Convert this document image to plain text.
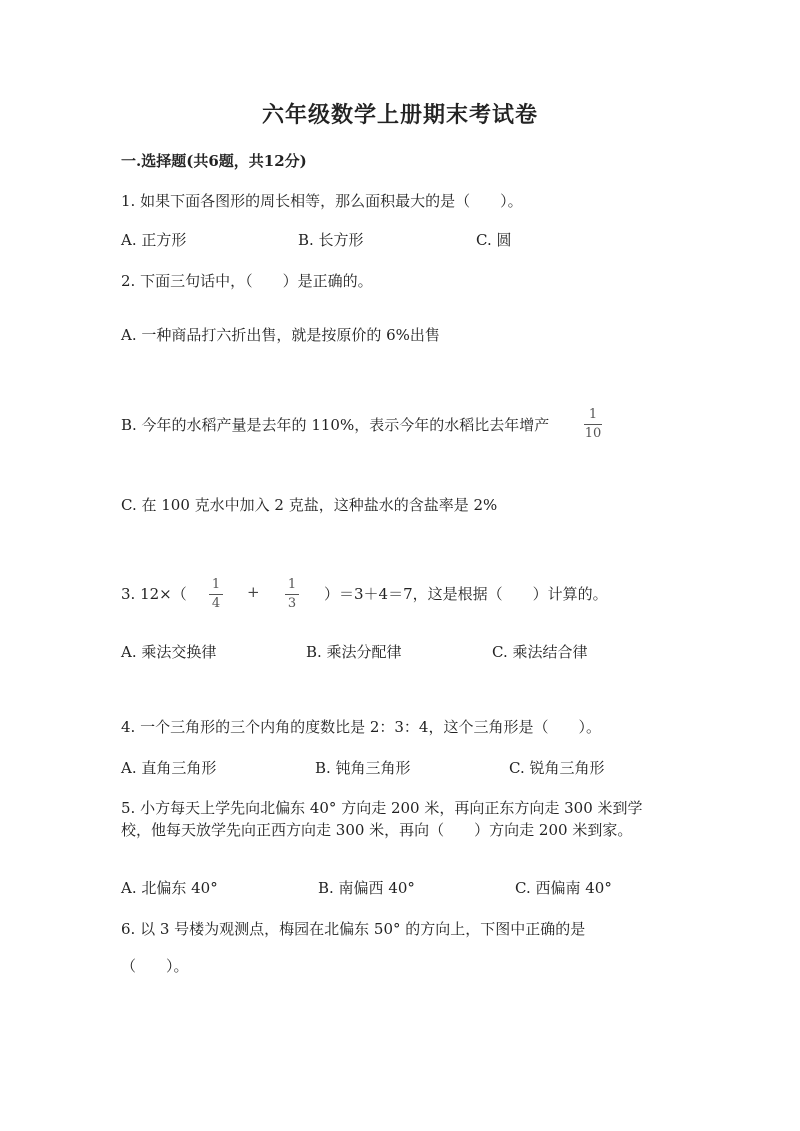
六年级数学上册期末考试卷
一.选择题(共6题，共12分)
1. 如果下面各图形的周长相等，那么面积最大的是（　　）。
A. 正方形	B. 长方形	C. 圆
2. 下面三句话中，（　　）是正确的。
A. 一种商品打六折出售，就是按原价的 6%出售
B. 今年的水稻产量是去年的 110%，表示今年的水稻比去年增产
1
10
C. 在 100 克水中加入 2 克盐，这种盐水的含盐率是 2%
3. 12×（
1
4
+ 1
3
）＝3＋4＝7，这是根据（　　）计算的。
A. 乘法交换律	B. 乘法分配律	C. 乘法结合律
4. 一个三角形的三个内角的度数比是 2：3：4，这个三角形是（　　）。
A. 直角三角形	B. 钝角三角形	C. 锐角三角形
5. 小方每天上学先向北偏东 40° 方向走 200 米，再向正东方向走 300 米到学
校，他每天放学先向正西方向走 300 米，再向（　　）方向走 200 米到家。
A. 北偏东 40°	B. 南偏西 40°	C. 西偏南 40°
6. 以 3 号楼为观测点，梅园在北偏东 50° 的方向上，下图中正确的是
（　　）。
